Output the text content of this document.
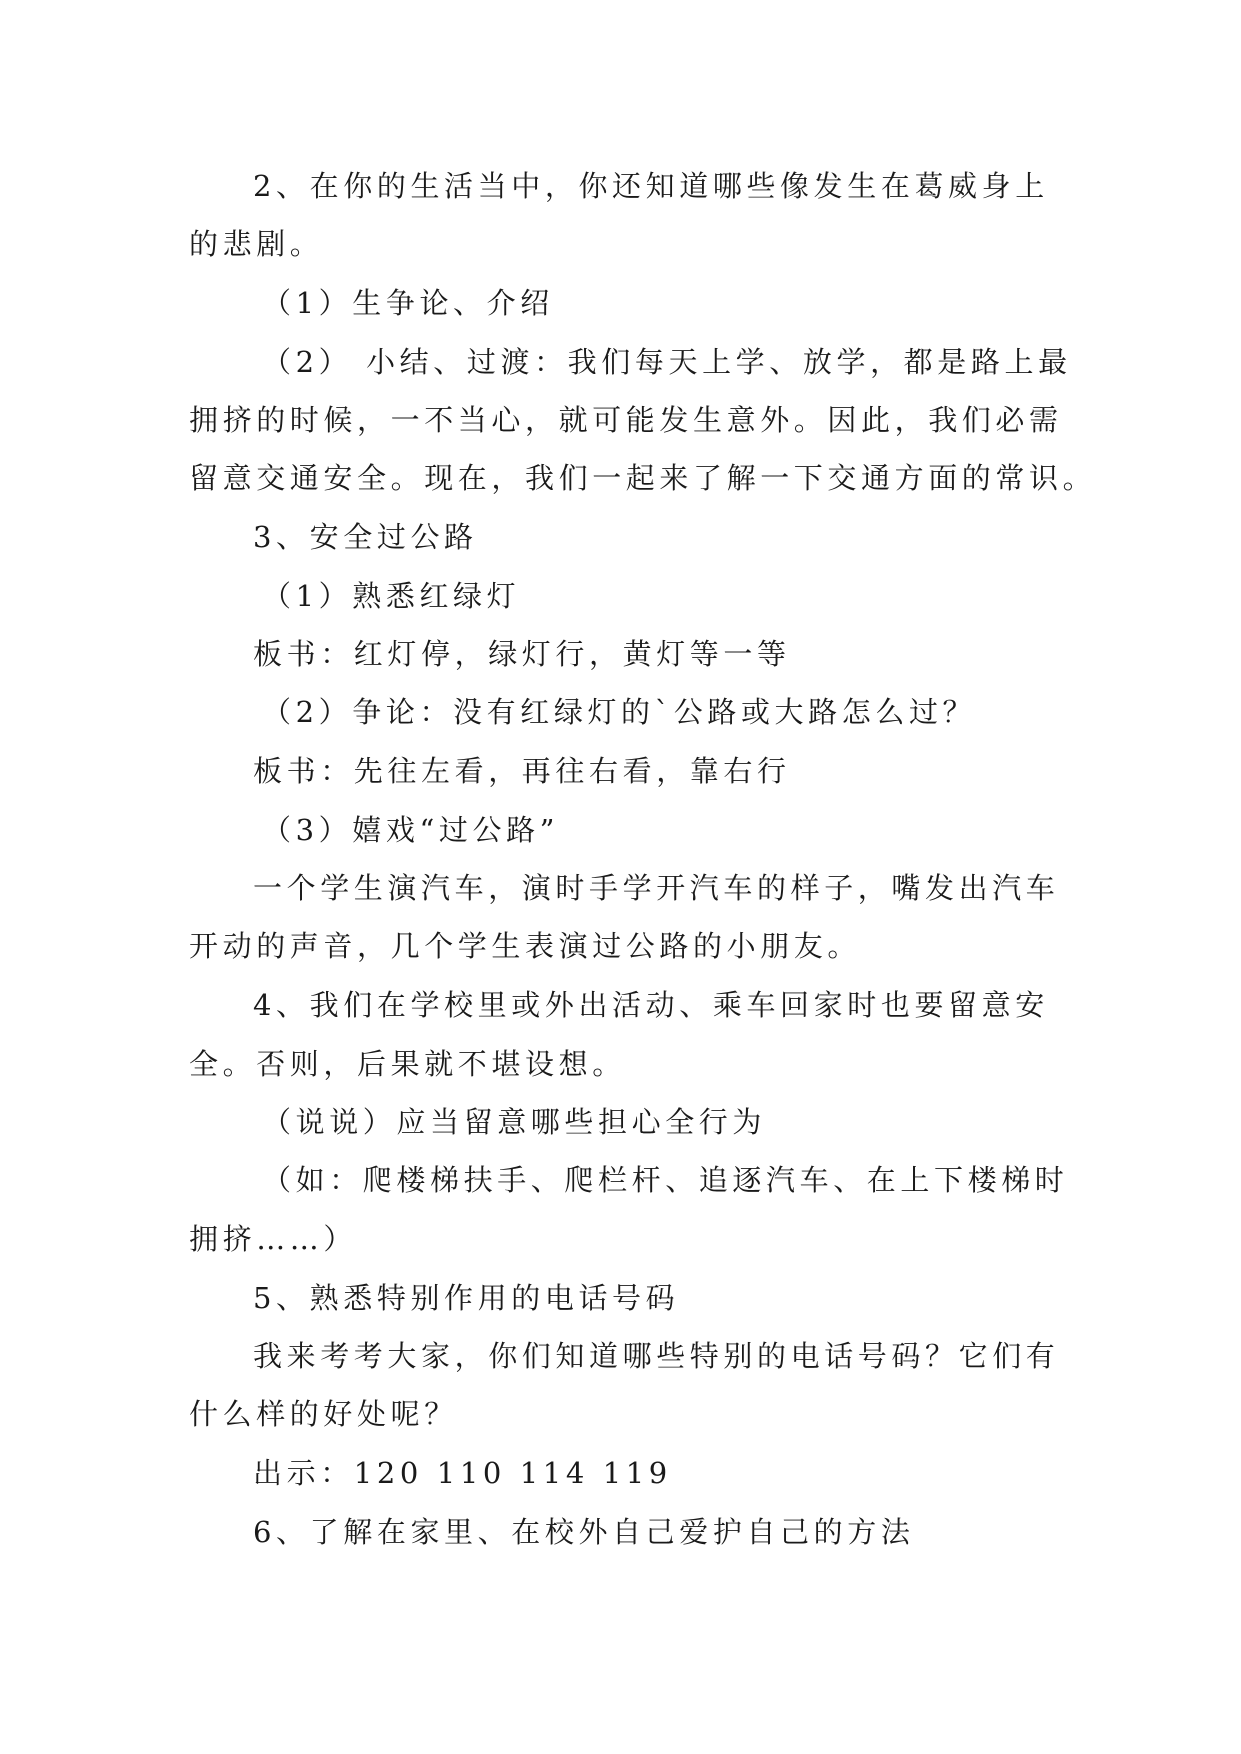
2、在你的生活当中，你还知道哪些像发生在葛威身上
的悲剧。
（1）生争论、介绍
（2） 小结、过渡：我们每天上学、放学，都是路上最
拥挤的时候，一不当心，就可能发生意外。因此，我们必需
留意交通安全。现在，我们一起来了解一下交通方面的常识。
3、安全过公路
（1）熟悉红绿灯
板书：红灯停，绿灯行，黄灯等一等
（2）争论：没有红绿灯的`公路或大路怎么过？
板书：先往左看，再往右看，靠右行
（3）嬉戏“过公路”
一个学生演汽车，演时手学开汽车的样子，嘴发出汽车
开动的声音，几个学生表演过公路的小朋友。
4、我们在学校里或外出活动、乘车回家时也要留意安
全。否则，后果就不堪设想。
（说说）应当留意哪些担心全行为
（如：爬楼梯扶手、爬栏杆、追逐汽车、在上下楼梯时
拥挤……）
5、熟悉特别作用的电话号码
我来考考大家，你们知道哪些特别的电话号码？它们有
什么样的好处呢？
出示：120 110 114 119
6、了解在家里、在校外自己爱护自己的方法
